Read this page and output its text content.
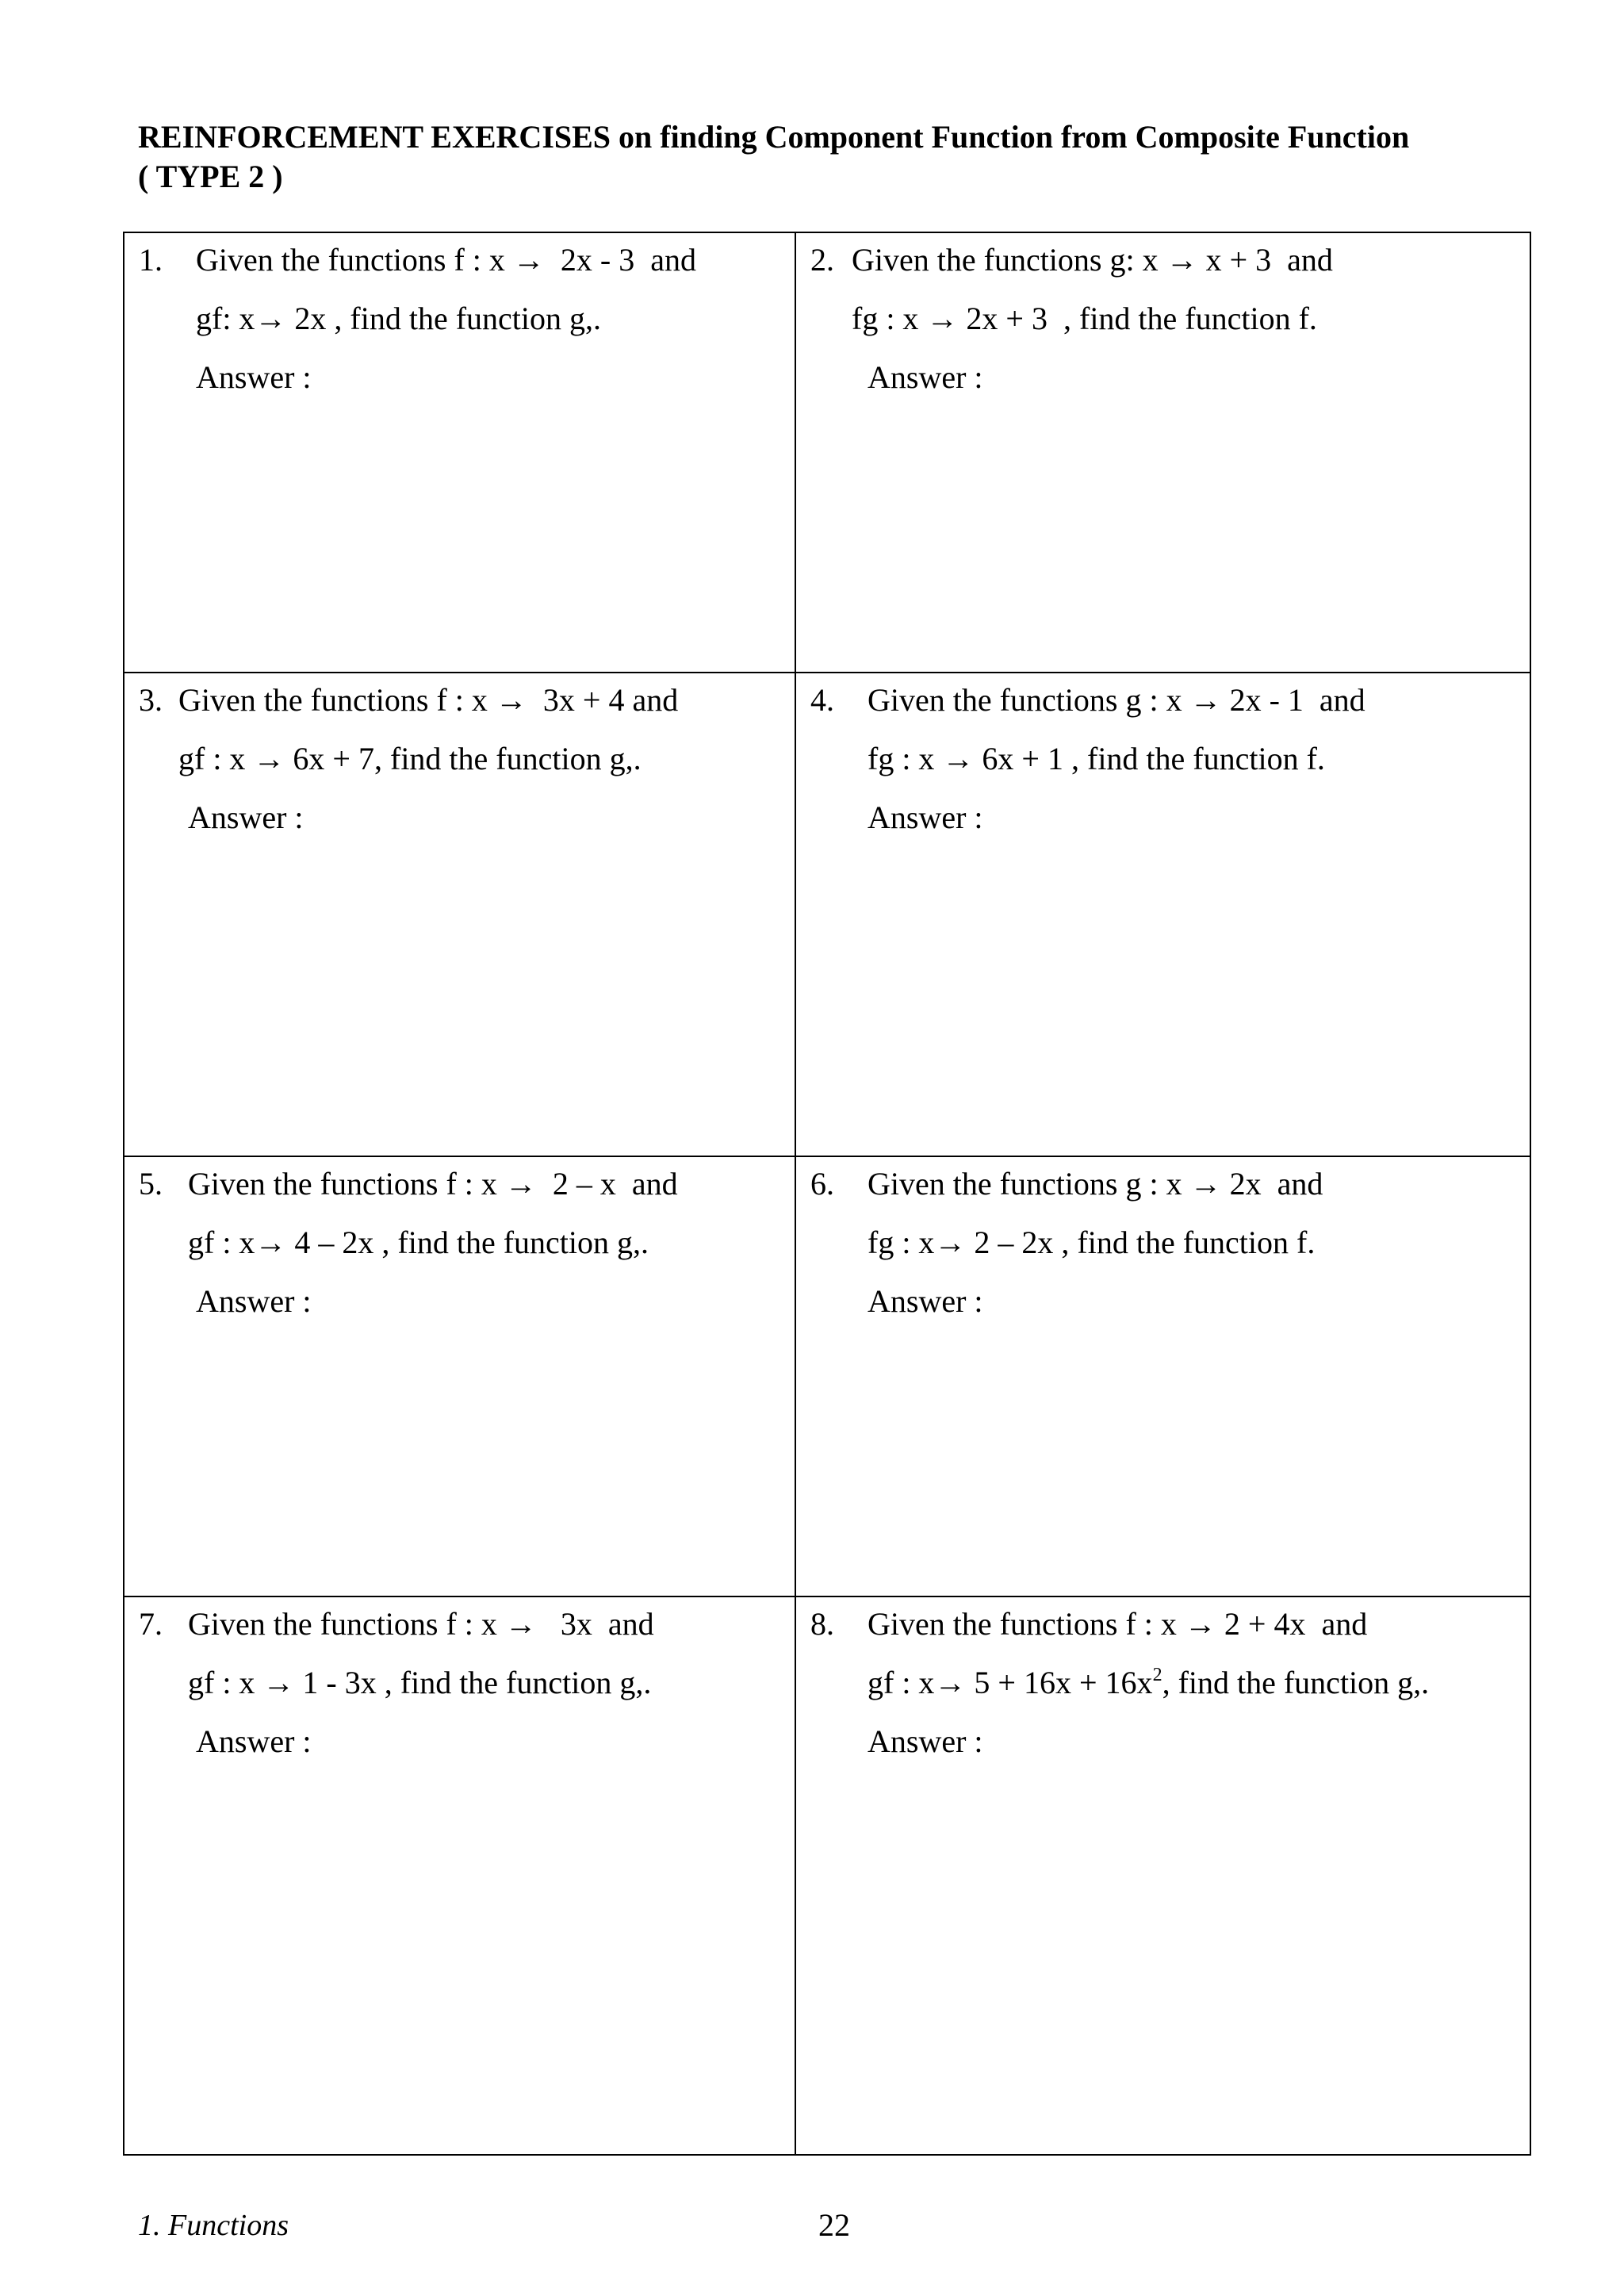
REINFORCEMENT EXERCISES on finding Component Function from Composite Function
( TYPE 2 )
1. Given the functions f : x →  2x - 3  and
gf: x→ 2x , find the function g,.
Answer :
2. Given the functions g: x → x + 3  and
fg : x → 2x + 3  , find the function f.
Answer :
3. Given the functions f : x →  3x + 4 and
gf : x → 6x + 7, find the function g,.
Answer :
4. Given the functions g : x → 2x - 1  and
fg : x → 6x + 1 , find the function f.
Answer :
5. Given the functions f : x →  2 – x  and
gf : x→ 4 – 2x , find the function g,.
Answer :
6. Given the functions g : x → 2x  and
fg : x→ 2 – 2x , find the function f.
Answer :
7. Given the functions f : x →   3x  and
gf : x → 1 - 3x , find the function g,.
Answer :
8. Given the functions f : x → 2 + 4x  and
gf : $x\to 5 + 16x + 16x^2$, find the function g,.
Answer :
1. Functions	22
